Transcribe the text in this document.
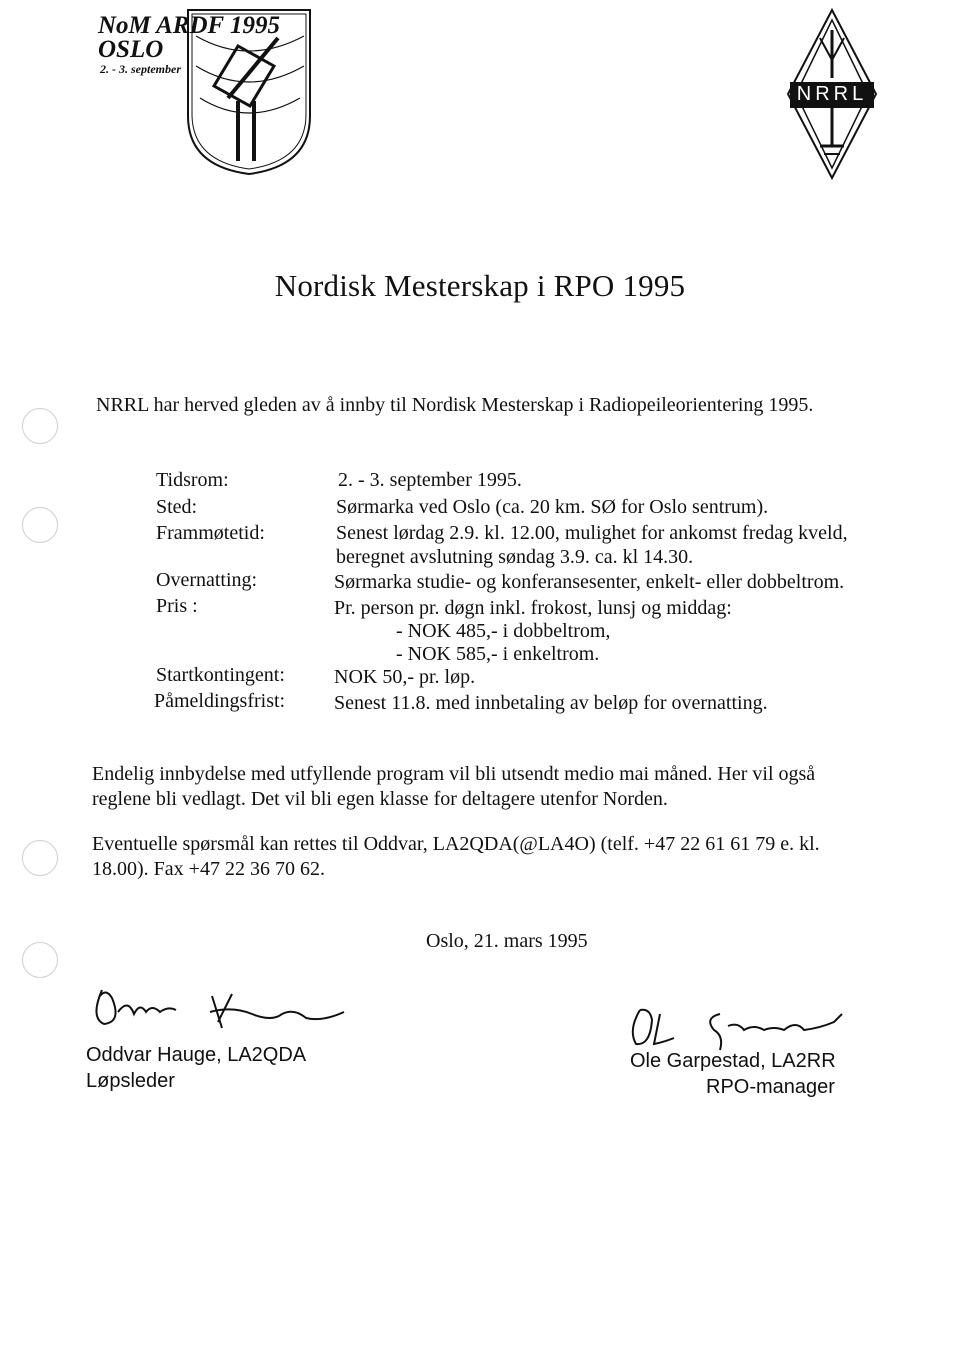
NoM ARDF 1995
OSLO
2. - 3. september
NRRL
Nordisk Mesterskap i RPO 1995
NRRL har herved gleden av å innby til Nordisk Mesterskap i Radiopeileorientering 1995.
Tidsrom:
Sted:
Frammøtetid:
Overnatting:
Pris :
Startkontingent:
Påmeldingsfrist:
2. - 3. september 1995.
Sørmarka ved Oslo (ca. 20 km. SØ for Oslo sentrum).
Senest lørdag 2.9. kl. 12.00, mulighet for ankomst fredag kveld,
beregnet avslutning søndag 3.9. ca. kl 14.30.
Sørmarka studie- og konferansesenter, enkelt- eller dobbeltrom.
Pr. person pr. døgn inkl. frokost, lunsj og middag:
- NOK 485,- i dobbeltrom,
- NOK 585,- i enkeltrom.
NOK 50,- pr. løp.
Senest 11.8. med innbetaling av beløp for overnatting.
Endelig innbydelse med utfyllende program vil bli utsendt medio mai måned. Her vil også
reglene bli vedlagt. Det vil bli egen klasse for deltagere utenfor Norden.
Eventuelle spørsmål kan rettes til Oddvar, LA2QDA(@LA4O) (telf. +47 22 61 61 79 e. kl.
18.00). Fax +47 22 36 70 62.
Oslo, 21. mars 1995
Oddvar Hauge, LA2QDA
Løpsleder
Ole Garpestad, LA2RR
RPO-manager
